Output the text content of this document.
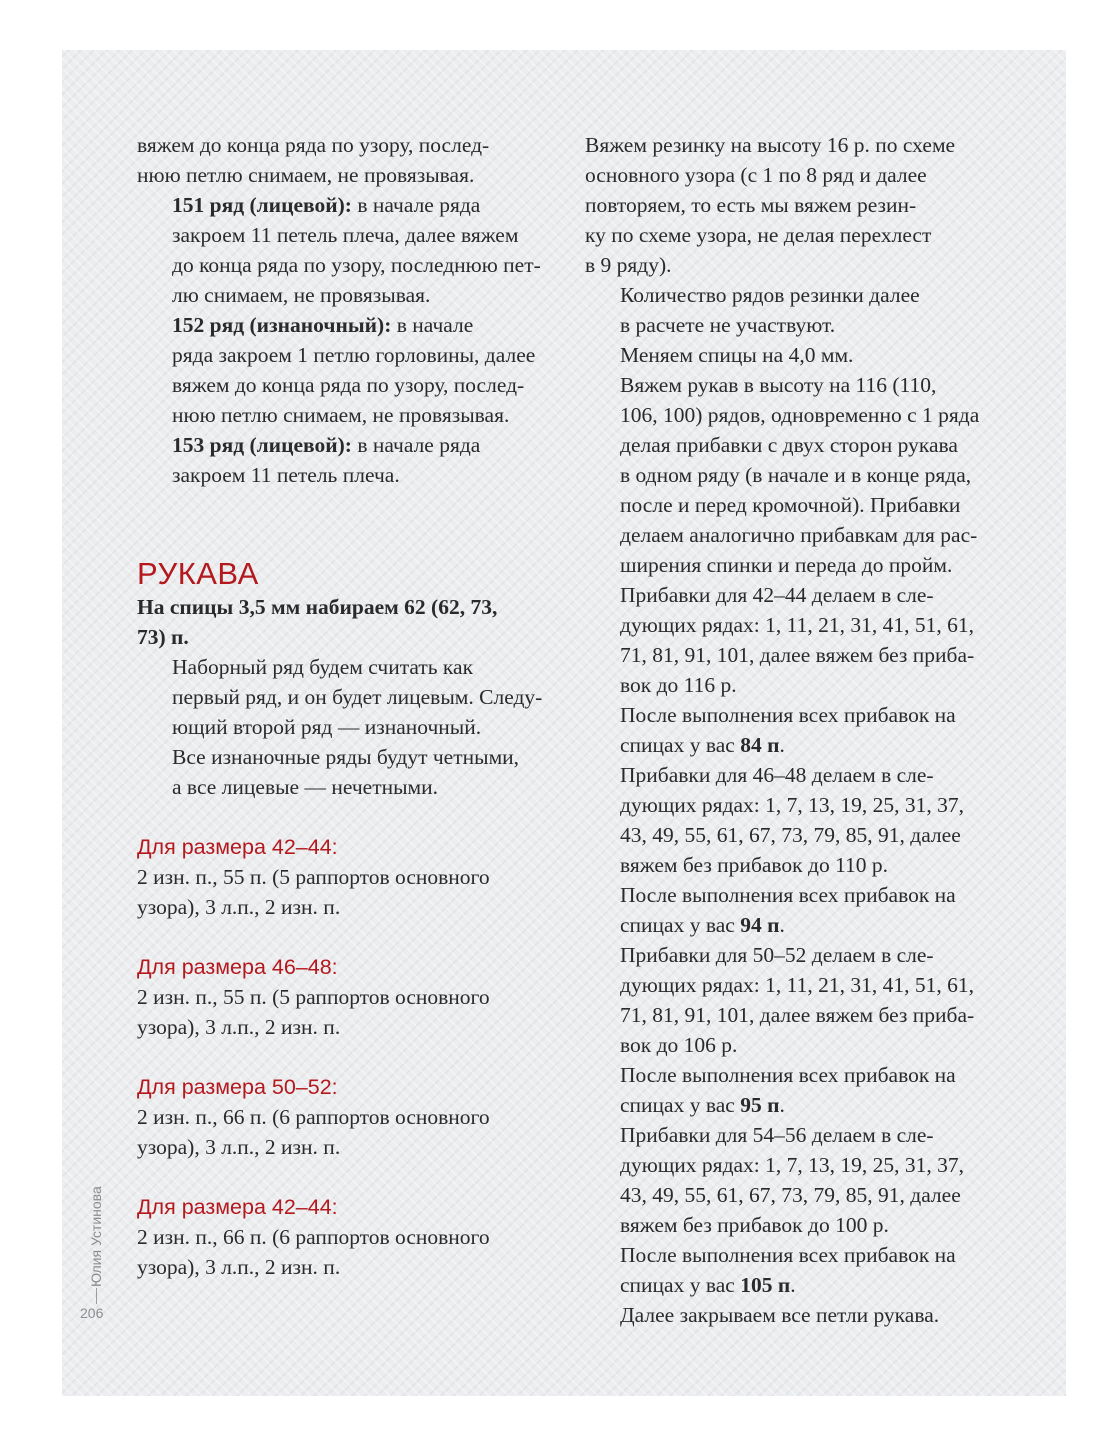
вяжем до конца ряда по узору, послед-
нюю петлю снимаем, не провязывая.

151 ряд (лицевой): в начале ряда
закроем 11 петель плеча, далее вяжем
до конца ряда по узору, последнюю пет-
лю снимаем, не провязывая.

152 ряд (изнаночный): в начале
ряда закроем 1 петлю горловины, далее
вяжем до конца ряда по узору, послед-
нюю петлю снимаем, не провязывая.

153 ряд (лицевой): в начале ряда
закроем 11 петель плеча.

РУКАВА

На спицы 3,5 мм набираем 62 (62, 73,
73) п.

Наборный ряд будем считать как
первый ряд, и он будет лицевым. Следу-
ющий второй ряд — изнаночный.

Все изнаночные ряды будут четными,
а все лицевые — нечетными.

Для размера 42–44:

2 изн. п., 55 п. (5 раппортов основного
узора), 3 л.п., 2 изн. п.

Для размера 46–48:

2 изн. п., 55 п. (5 раппортов основного
узора), 3 л.п., 2 изн. п.

Для размера 50–52:

2 изн. п., 66 п. (6 раппортов основного
узора), 3 л.п., 2 изн. п.

Для размера 42–44:

2 изн. п., 66 п. (6 раппортов основного
узора), 3 л.п., 2 изн. п.

Вяжем резинку на высоту 16 р. по схеме
основного узора (с 1 по 8 ряд и далее
повторяем, то есть мы вяжем резин-
ку по схеме узора, не делая перехлест
в 9 ряду).

Количество рядов резинки далее
в расчете не участвуют.

Меняем спицы на 4,0 мм.

Вяжем рукав в высоту на 116 (110,
106, 100) рядов, одновременно с 1 ряда
делая прибавки с двух сторон рукава
в одном ряду (в начале и в конце ряда,
после и перед кромочной). Прибавки
делаем аналогично прибавкам для рас-
ширения спинки и переда до пройм.

Прибавки для 42–44 делаем в сле-
дующих рядах: 1, 11, 21, 31, 41, 51, 61,
71, 81, 91, 101, далее вяжем без приба-
вок до 116 р.

После выполнения всех прибавок на
спицах у вас 84 п.

Прибавки для 46–48 делаем в сле-
дующих рядах: 1, 7, 13, 19, 25, 31, 37,
43, 49, 55, 61, 67, 73, 79, 85, 91, далее
вяжем без прибавок до 110 р.

После выполнения всех прибавок на
спицах у вас 94 п.

Прибавки для 50–52 делаем в сле-
дующих рядах: 1, 11, 21, 31, 41, 51, 61,
71, 81, 91, 101, далее вяжем без приба-
вок до 106 р.

После выполнения всех прибавок на
спицах у вас 95 п.

Прибавки для 54–56 делаем в сле-
дующих рядах: 1, 7, 13, 19, 25, 31, 37,
43, 49, 55, 61, 67, 73, 79, 85, 91, далее
вяжем без прибавок до 100 р.

После выполнения всех прибавок на
спицах у вас 105 п.

Далее закрываем все петли рукава.

Юлия Устинова
206
